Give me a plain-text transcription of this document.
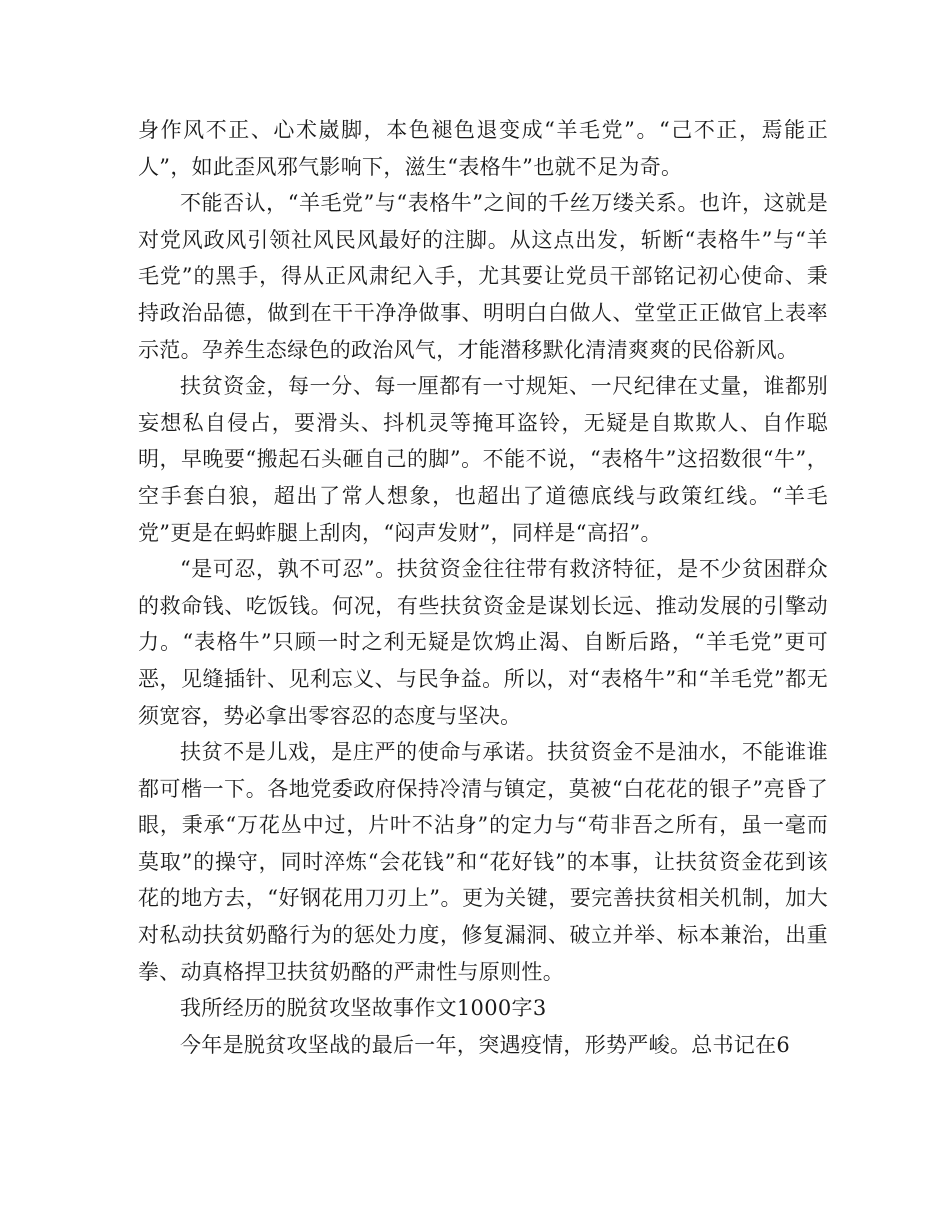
身作风不正、心术崴脚，本色褪色退变成“羊毛党”。“己不正，焉能正人”，如此歪风邪气影响下，滋生“表格牛”也就不足为奇。

不能否认，“羊毛党”与“表格牛”之间的千丝万缕关系。也许，这就是对党风政风引领社风民风最好的注脚。从这点出发，斩断“表格牛”与“羊毛党”的黑手，得从正风肃纪入手，尤其要让党员干部铭记初心使命、秉持政治品德，做到在干干净净做事、明明白白做人、堂堂正正做官上表率示范。孕养生态绿色的政治风气，才能潜移默化清清爽爽的民俗新风。

扶贫资金，每一分、每一厘都有一寸规矩、一尺纪律在丈量，谁都别妄想私自侵占，要滑头、抖机灵等掩耳盗铃，无疑是自欺欺人、自作聪明，早晚要“搬起石头砸自己的脚”。不能不说，“表格牛”这招数很“牛”，空手套白狼，超出了常人想象，也超出了道德底线与政策红线。“羊毛党”更是在蚂蚱腿上刮肉，“闷声发财”，同样是“高招”。

“是可忍，孰不可忍”。扶贫资金往往带有救济特征，是不少贫困群众的救命钱、吃饭钱。何况，有些扶贫资金是谋划长远、推动发展的引擎动力。“表格牛”只顾一时之利无疑是饮鸩止渴、自断后路，“羊毛党”更可恶，见缝插针、见利忘义、与民争益。所以，对“表格牛”和“羊毛党”都无须宽容，势必拿出零容忍的态度与坚决。

扶贫不是儿戏，是庄严的使命与承诺。扶贫资金不是油水，不能谁谁都可楷一下。各地党委政府保持冷清与镇定，莫被“白花花的银子”亮昏了眼，秉承“万花丛中过，片叶不沾身”的定力与“苟非吾之所有，虽一毫而莫取”的操守，同时淬炼“会花钱”和“花好钱”的本事，让扶贫资金花到该花的地方去，“好钢花用刀刃上”。更为关键，要完善扶贫相关机制，加大对私动扶贫奶酪行为的惩处力度，修复漏洞、破立并举、标本兼治，出重拳、动真格捍卫扶贫奶酪的严肃性与原则性。

我所经历的脱贫攻坚故事作文1000字3

今年是脱贫攻坚战的最后一年，突遇疫情，形势严峻。总书记在6
